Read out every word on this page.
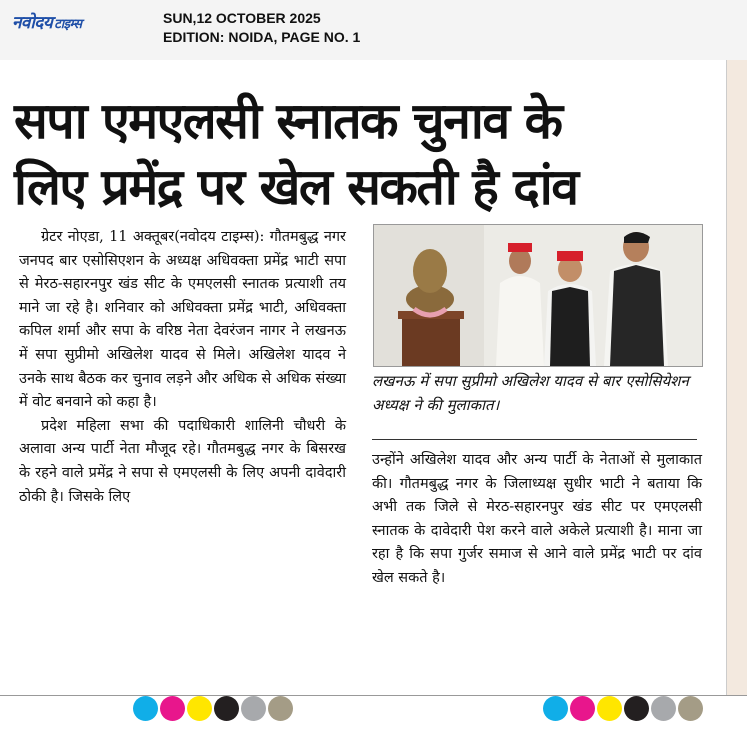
नवोदय टाइम्स	SUN,12 OCTOBER 2025
EDITION: NOIDA, PAGE NO. 1
सपा एमएलसी स्नातक चुनाव के
लिए प्रमेंद्र पर खेल सकती है दांव

ग्रेटर नोएडा, 11 अक्तूबर(नवोदय टाइम्स): गौतमबुद्ध नगर जनपद बार एसोसिएशन के अध्यक्ष अधिवक्ता प्रमेंद्र भाटी सपा से मेरठ-सहारनपुर खंड सीट के एमएलसी स्नातक प्रत्याशी तय माने जा रहे है। शनिवार को अधिवक्ता प्रमेंद्र भाटी, अधिवक्ता कपिल शर्मा और सपा के वरिष्ठ नेता देवरंजन नागर ने लखनऊ में सपा सुप्रीमो अखिलेश यादव से मिले। अखिलेश यादव ने उनके साथ बैठक कर चुनाव लड़ने और अधिक से अधिक संख्या में वोट बनवाने को कहा है।

प्रदेश महिला सभा की पदाधिकारी शालिनी चौधरी के अलावा अन्य पार्टी नेता मौजूद रहे। गौतमबुद्ध नगर के बिसरख के रहने वाले प्रमेंद्र ने सपा से एमएलसी के लिए अपनी दावेदारी ठोकी है। जिसके लिए

लखनऊ में सपा सुप्रीमो अखिलेश यादव से बार एसोसियेशन अध्यक्ष ने की मुलाकात।
उन्होंने अखिलेश यादव और अन्य पार्टी के नेताओं से मुलाकात की। गौतमबुद्ध नगर के जिलाध्यक्ष सुधीर भाटी ने बताया कि अभी तक जिले से मेरठ-सहारनपुर खंड सीट पर एमएलसी स्नातक के दावेदारी पेश करने वाले अकेले प्रत्याशी है। माना जा रहा है कि सपा गुर्जर समाज से आने वाले प्रमेंद्र भाटी पर दांव खेल सकते है।
